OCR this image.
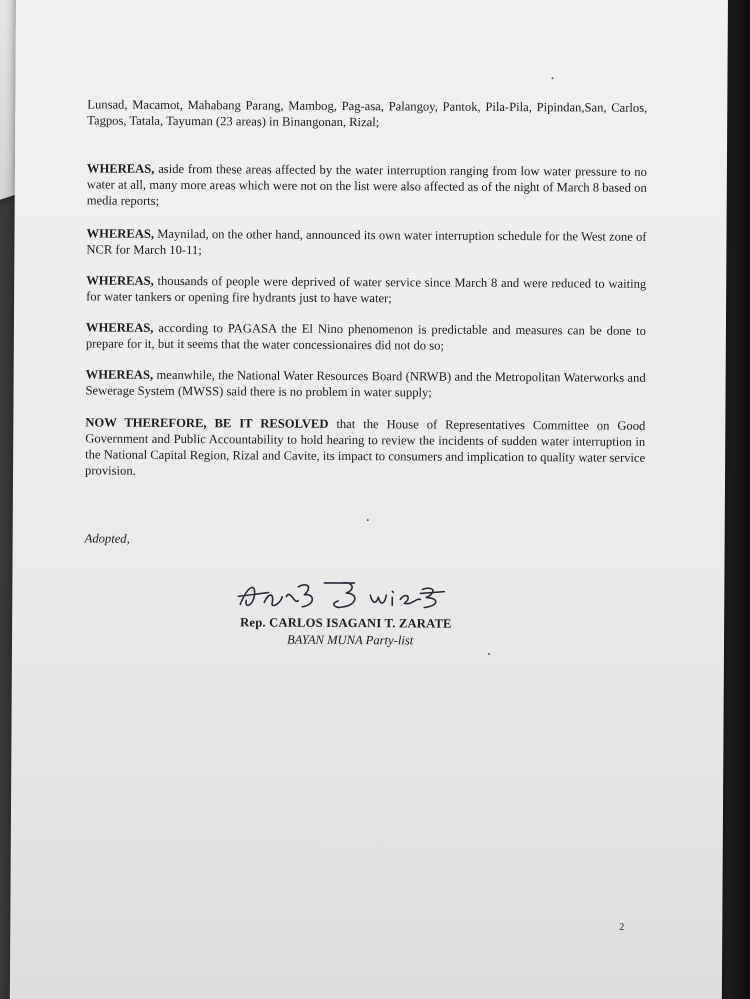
Lunsad, Macamot, Mahabang Parang, Mambog, Pag-asa, Palangoy, Pantok, Pila-Pila, Pipindan,San, Carlos, Tagpos, Tatala, Tayuman (23 areas) in Binangonan, Rizal;

WHEREAS, aside from these areas affected by the water interruption ranging from low water pressure to no water at all, many more areas which were not on the list were also affected as of the night of March 8 based on media reports;

WHEREAS, Maynilad, on the other hand, announced its own water interruption schedule for the West zone of NCR for March 10-11;

WHEREAS, thousands of people were deprived of water service since March 8 and were reduced to waiting for water tankers or opening fire hydrants just to have water;

WHEREAS, according to PAGASA the El Nino phenomenon is predictable and measures can be done to prepare for it, but it seems that the water concessionaires did not do so;

WHEREAS, meanwhile, the National Water Resources Board (NRWB) and the Metropolitan Waterworks and Sewerage System (MWSS) said there is no problem in water supply;

NOW THEREFORE, BE IT RESOLVED that the House of Representatives Committee on Good Government and Public Accountability to hold hearing to review the incidents of sudden water interruption in the National Capital Region, Rizal and Cavite, its impact to consumers and implication to quality water service provision.

Adopted,
Rep. CARLOS ISAGANI T. ZARATE
BAYAN MUNA Party-list
2
